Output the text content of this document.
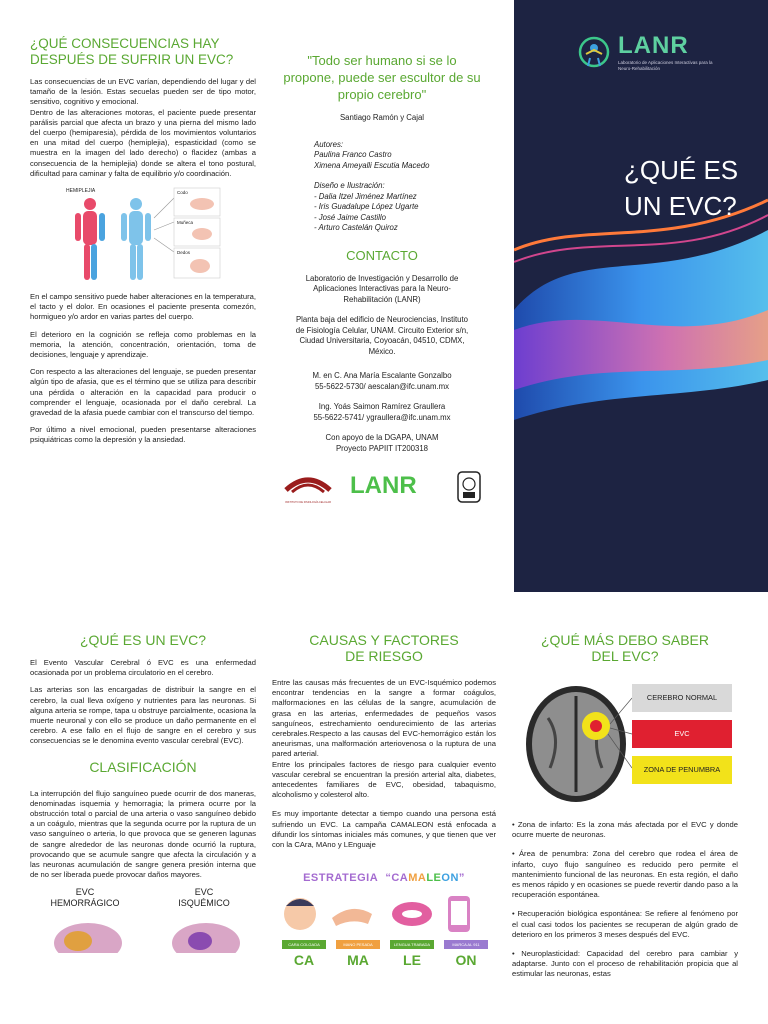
¿QUÉ CONSECUENCIAS HAY DESPUÉS DE SUFRIR UN EVC?

Las consecuencias de un EVC varían, dependiendo del lugar y del tamaño de la lesión. Estas secuelas pueden ser de tipo motor, sensitivo, cognitivo y emocional.

Dentro de las alteraciones motoras, el paciente puede presentar parálisis parcial que afecta un brazo y una pierna del mismo lado del cuerpo (hemiparesia), pérdida de los movimientos voluntarios en una mitad del cuerpo (hemiplejia), espasticidad (como se muestra en la imagen del lado derecho) o flacidez (ambas a consecuencia de la hemiplejia) donde se altera el tono postural, dificultad para caminar y falta de equilibrio y/o coordinación.

HEMIPLEJIA	Codo
Muñeca
Dedos

En el campo sensitivo puede haber alteraciones en la temperatura, el tacto y el dolor. En ocasiones el paciente presenta comezón, hormigueo y/o ardor en varias partes del cuerpo.

El deterioro en la cognición se refleja como problemas en la memoria, la atención, concentración, orientación, toma de decisiones, lenguaje y aprendizaje.

Con respecto a las alteraciones del lenguaje, se pueden presentar algún tipo de afasia, que es el término que se utiliza para describir una pérdida o alteración en la capacidad para producir o comprender el lenguaje, ocasionada por el daño cerebral. La gravedad de la afasia puede cambiar con el transcurso del tiempo.

Por último a nivel emocional, pueden presentarse alteraciones psiquiátricas como la depresión y la ansiedad.

"Todo ser humano si se lo propone, puede ser escultor de su propio cerebro"
Santiago Ramón y Cajal
Autores:
Paulina Franco Castro
Ximena Ameyalli Escutia Macedo
Diseño e Ilustración:
- Dalia Itzel Jiménez Martínez
- Iris Guadalupe López Ugarte
- José Jaime Castillo
- Arturo Castelán Quiroz
CONTACTO
Laboratorio de Investigación y Desarrollo de Aplicaciones Interactivas para la Neuro-Rehabilitación (LANR)
Planta baja del edificio de Neurociencias, Instituto de Fisiología Celular, UNAM. Circuito Exterior s/n, Ciudad Universitaria, Coyoacán, 04510, CDMX, México.
M. en C. Ana María Escalante Gonzalbo
55-5622-5730/ aescalan@ifc.unam.mx
Ing. Yoás Saimon Ramírez Graullera
55-5622-5741/ ygraullera@ifc.unam.mx
Con apoyo de la DGAPA, UNAM
Proyecto PAPIIT IT200318
INSTITUTO DE FISIOLOGÍA CELULAR
LANR
LANR
Laboratorio de Aplicaciones Interactivas para la Neuro-Rehabilitación
¿QUÉ ES
UN EVC?
¿QUÉ ES UN EVC?

El Evento Vascular Cerebral ó EVC es una enfermedad ocasionada por un problema circulatorio en el cerebro.

Las arterias son las encargadas de distribuir la sangre en el cerebro, la cual lleva oxígeno y nutrientes para las neuronas. Si alguna arteria se rompe, tapa u obstruye parcialmente, ocasiona la muerte neuronal y con ello se produce un daño permanente en el cerebro. A ese fallo en el flujo de sangre en el cerebro y sus consecuencias se le denomina evento vascular cerebral (EVC).

CLASIFICACIÓN

La interrupción del flujo sanguíneo puede ocurrir de dos maneras, denominadas isquemia y hemorragia; la primera ocurre por la obstrucción total o parcial de una arteria o vaso sanguíneo debido a un coágulo, mientras que la segunda ocurre por la ruptura de un vaso sanguíneo o arteria, lo que provoca que se generen lagunas de sangre alrededor de las neuronas donde ocurrió la ruptura, provocando que se acumule sangre que afecta la circulación y a las neuronas acumulación de sangre genera presión interna que de no ser liberada puede provocar daños mayores.

EVC
HEMORRÁGICO
EVC
ISQUÉMICO
CAUSAS Y FACTORES
DE RIESGO

Entre las causas más frecuentes de un EVC-Isquémico podemos encontrar tendencias en la sangre a formar coágulos, malformaciones en las células de la sangre, acumulación de grasa en las arterias, enfermedades de pequeños vasos sanguíneos, estrechamiento oendurecimiento de las arterias cerebrales.Respecto a las causas del EVC-hemorrágico están los aneurismas, una malformación arteriovenosa o la ruptura de una pared arterial.

Entre los principales factores de riesgo para cualquier evento vascular cerebral se encuentran la presión arterial alta, diabetes, antecedentes familiares de EVC, obesidad, tabaquismo, alcoholismo y colesterol alto.

Es muy importante detectar a tiempo cuando una persona está sufriendo un EVC. La campaña CAMALEON está enfocada a difundir los síntomas iniciales más comunes, y que tienen que ver con la CAra, MAno y LEnguaje

ESTRATEGIA “CAMALEON”
CARA COLGADA	MANO PESADA	LENGUA TRABADA	MARCA AL 911
CA	MA	LE	ON
¿QUÉ MÁS DEBO SABER
DEL EVC?
CEREBRO NORMAL
EVC
ZONA DE PENUMBRA

• Zona de infarto: Es la zona más afectada por el EVC y donde ocurre muerte de neuronas.

• Área de penumbra: Zona del cerebro que rodea el área de infarto, cuyo flujo sanguíneo es reducido pero permite el mantenimiento funcional de las neuronas. En esta región, el daño es menos rápido y en ocasiones se puede revertir dando paso a la recuperación espontánea.

• Recuperación biológica espontánea: Se refiere al fenómeno por el cual casi todos los pacientes se recuperan de algún grado de deterioro en los primeros 3 meses después del EVC.

• Neuroplasticidad: Capacidad del cerebro para cambiar y adaptarse. Junto con el proceso de rehabilitación propicia que al estimular las neuronas, estas
